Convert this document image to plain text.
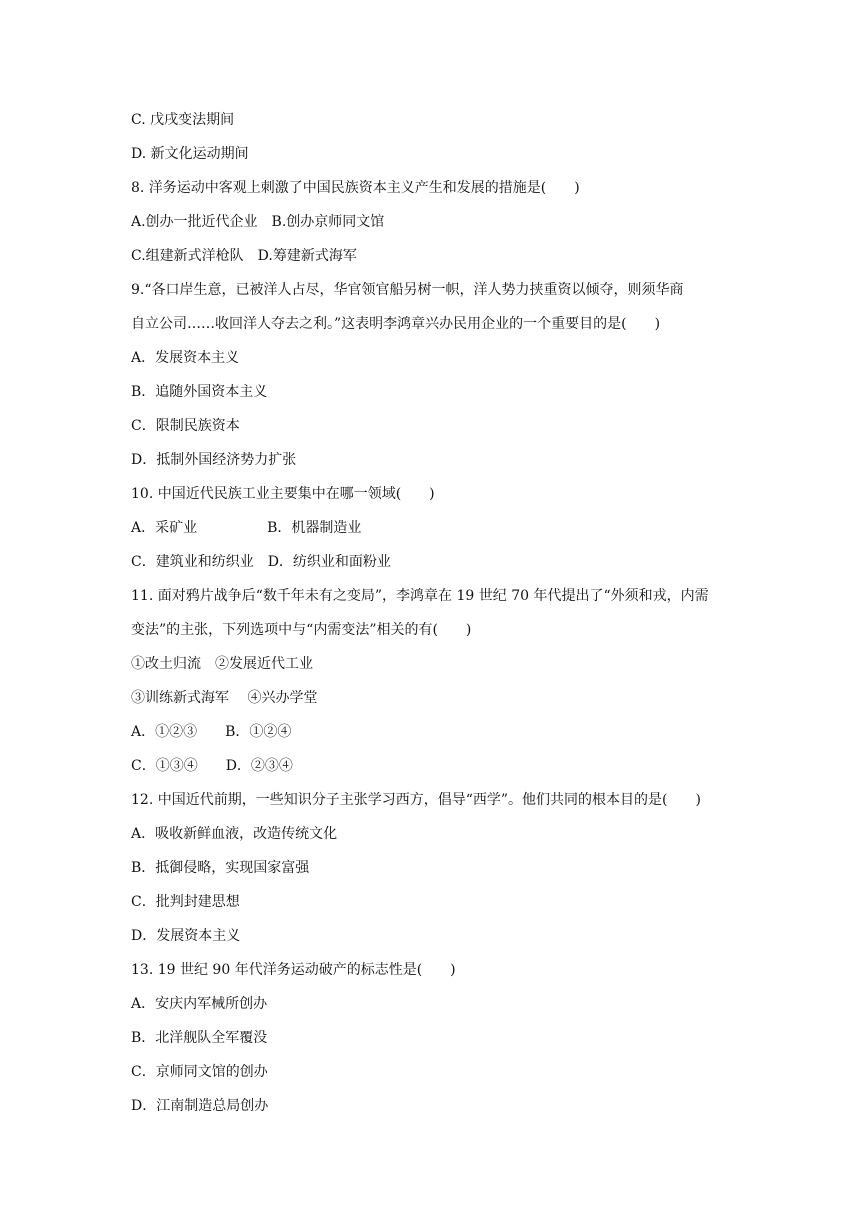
C. 戊戌变法期间
D. 新文化运动期间
8. 洋务运动中客观上刺激了中国民族资本主义产生和发展的措施是(　　)
A.创办一批近代企业　B.创办京师同文馆
C.组建新式洋枪队　D.筹建新式海军
9.“各口岸生意，已被洋人占尽，华官领官船另树一帜，洋人势力挟重资以倾夺，则须华商
自立公司……收回洋人夺去之利。”这表明李鸿章兴办民用企业的一个重要目的是(　　)
A．发展资本主义
B．追随外国资本主义
C．限制民族资本
D．抵制外国经济势力扩张
10. 中国近代民族工业主要集中在哪一领域(　　)
A．采矿业　　　　　B．机器制造业
C．建筑业和纺织业　D．纺织业和面粉业
11. 面对鸦片战争后“数千年未有之变局”，李鸿章在 19 世纪 70 年代提出了“外须和戎，内需
变法”的主张，下列选项中与“内需变法”相关的有(　　)
①改土归流　②发展近代工业
③训练新式海军　 ④兴办学堂
A．①②③　　B．①②④
C．①③④　　D．②③④
12. 中国近代前期，一些知识分子主张学习西方，倡导“西学”。他们共同的根本目的是(　　)
A．吸收新鲜血液，改造传统文化
B．抵御侵略，实现国家富强
C．批判封建思想
D．发展资本主义
13. 19 世纪 90 年代洋务运动破产的标志性是(　　)
A．安庆内军械所创办
B．北洋舰队全军覆没
C．京师同文馆的创办
D．江南制造总局创办
